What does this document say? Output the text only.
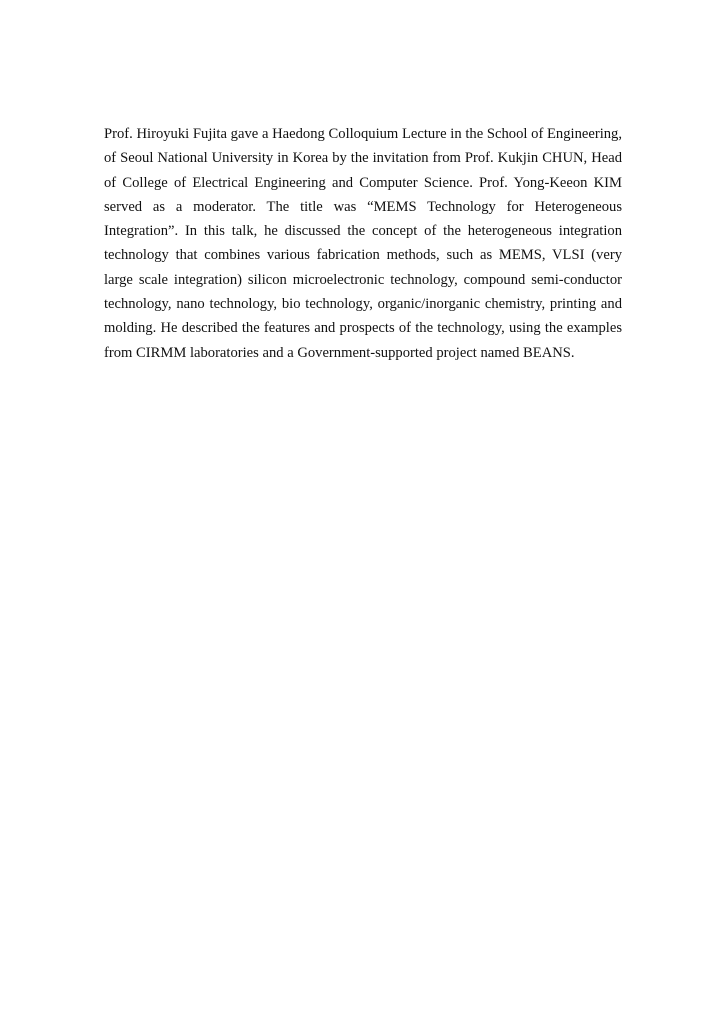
Prof. Hiroyuki Fujita gave a Haedong Colloquium Lecture in the School of Engineering,
of Seoul National University in Korea by the invitation from Prof. Kukjin CHUN, Head
of College of Electrical Engineering and Computer Science. Prof. Yong-Keeon KIM
served as a moderator. The title was “MEMS Technology for Heterogeneous
Integration”. In this talk, he discussed the concept of the heterogeneous integration
technology that combines various fabrication methods, such as MEMS, VLSI (very
large scale integration) silicon microelectronic technology, compound semi-conductor
technology, nano technology, bio technology, organic/inorganic chemistry, printing and
molding. He described the features and prospects of the technology, using the examples
from CIRMM laboratories and a Government-supported project named BEANS.
